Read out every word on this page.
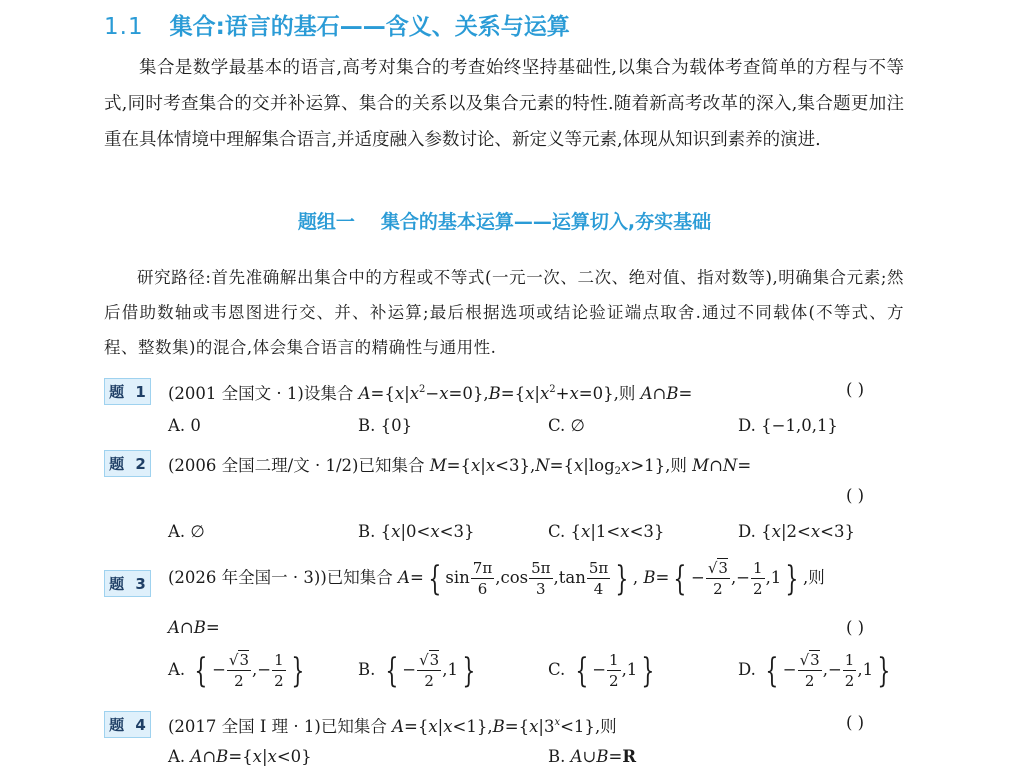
1.1 集合:语言的基石——含义、关系与运算

集合是数学最基本的语言,高考对集合的考查始终坚持基础性,以集合为载体考查简单的方程与不等式,同时考查集合的交并补运算、集合的关系以及集合元素的特性.随着新高考改革的深入,集合题更加注重在具体情境中理解集合语言,并适度融入参数讨论、新定义等元素,体现从知识到素养的演进.

题组一 集合的基本运算——运算切入,夯实基础

研究路径:首先准确解出集合中的方程或不等式(一元一次、二次、绝对值、指对数等),明确集合元素;然后借助数轴或韦恩图进行交、并、补运算;最后根据选项或结论验证端点取舍.通过不同载体(不等式、方程、整数集)的混合,体会集合语言的精确性与通用性.

题 1	(2001 全国文 · 1)设集合 $A=\{x|x^2-x=0\},B=\{x|x^2+x=0\}$,则 A∩B=	( )
A. 0	B. {0}	C. ∅	D. {−1,0,1}
题 2	(2006 全国二理/文 · 1/2)已知集合 $M=\{x|x<3\},N=\{x|\log_2x>1\}$,则 M∩N=
( )
A. ∅	B. {x|0<x<3}	C. {x|1<x<3}	D. {x|2<x<3}
题 3	(2026 年全国一 · 3))已知集合 A= { $\sin \frac{7\pi}{6} ,\cos \frac{5\pi}{3} ,\tan \frac{5\pi}{4}$ } , B= { − $\frac{√3}{2}$ ,− $\frac{1}{2} ,1$ } ,则
A∩B=	( )
A. { − $\frac{√3}{2}$ ,− $\frac{1}{2}$ }	B. { − $\frac{√3}{2} ,1$ }	C. { − $\frac{1}{2} ,1$ }	D. { − $\frac{√3}{2}$ ,− $\frac{1}{2} ,1$ }
题 4	(2017 全国 Ⅰ 理 · 1)已知集合 $A=\{x|x<1\},B=\{x|3^x<1\}$,则	( )
A. A∩B={x|x<0}	B. A∪B=R
